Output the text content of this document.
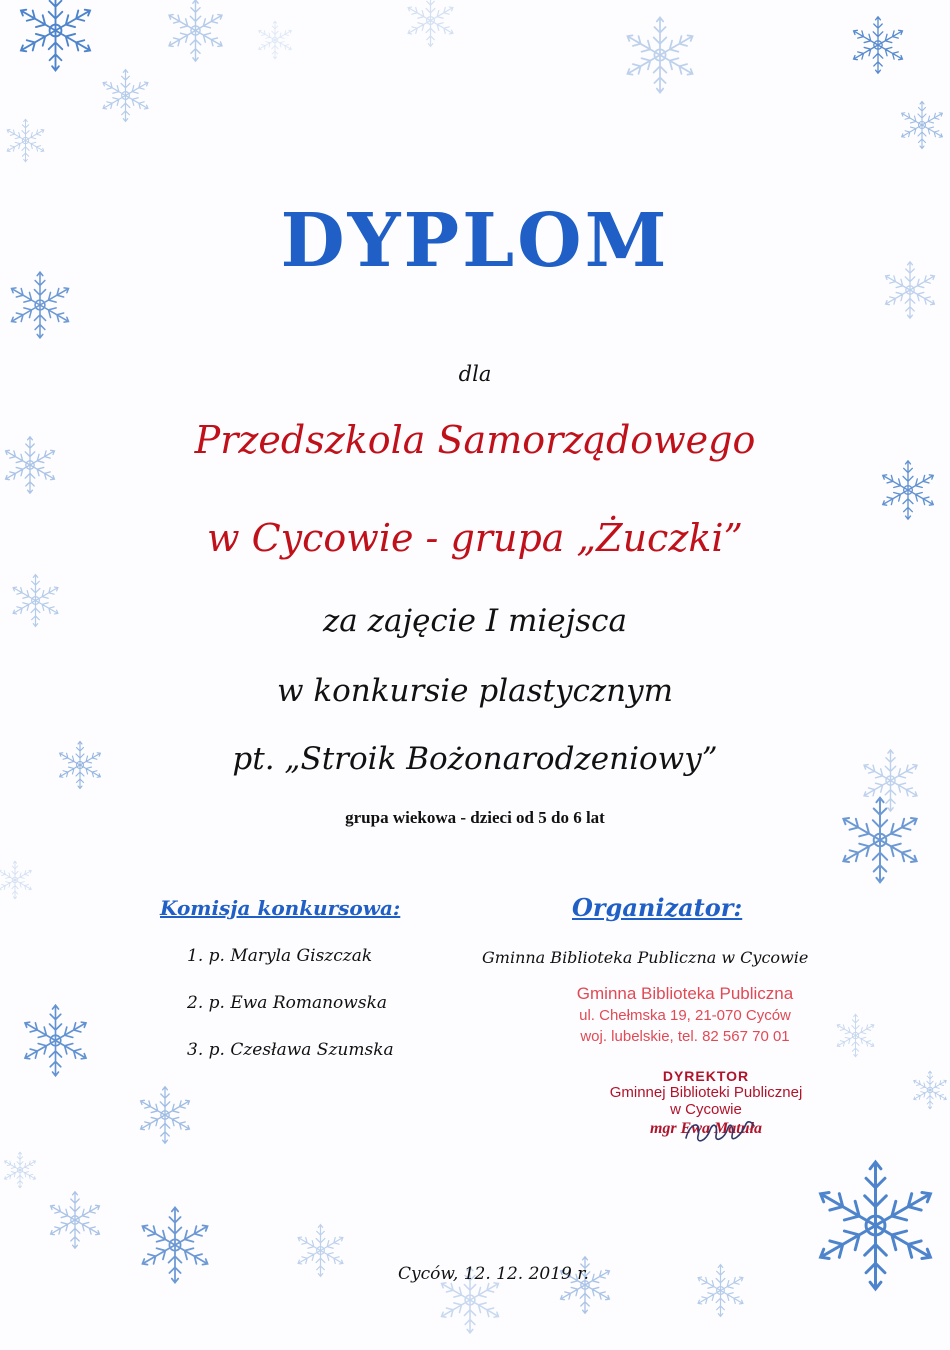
DYPLOM
dla
Przedszkola Samorządowego
w Cycowie - grupa „Żuczki”
za zajęcie I miejsca
w konkursie plastycznym
pt. „Stroik Bożonarodzeniowy”
grupa wiekowa - dzieci od 5 do 6 lat
Komisja konkursowa:
1. p. Maryla Giszczak
2. p. Ewa Romanowska
3. p. Czesława Szumska
Organizator:
Gminna Biblioteka Publiczna w Cycowie
Gminna Biblioteka Publiczna
ul. Chełmska 19, 21-070 Cyców
woj. lubelskie, tel. 82 567 70 01
DYREKTOR
Gminnej Biblioteki Publicznej
w Cycowie
mgr Ewa Matuła
Cyców, 12. 12. 2019 r.
